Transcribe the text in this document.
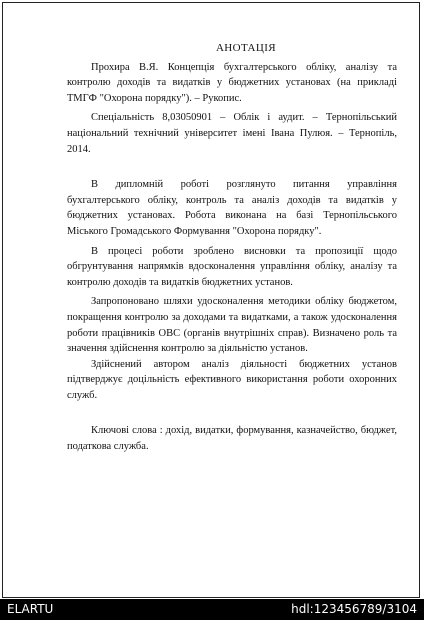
АНОТАЦІЯ

Прохира В.Я. Концепція бухгалтерського обліку, аналізу та контролю доходів та видатків у бюджетних установах (на прикладі ТМГФ "Охорона порядку"). – Рукопис.

Спеціальність 8,03050901 – Облік і аудит. – Тернопільський національний технічний університет імені Івана Пулюя. – Тернопіль, 2014.

В дипломній роботі розглянуто питання управління бухгалтерського обліку, контроль та аналіз доходів та видатків у бюджетних установах. Робота виконана на базі Тернопільського Міського Громадського Формування "Охорона порядку".

В процесі роботи зроблено висновки та пропозиції щодо обгрунтування напрямків вдосконалення управління обліку, аналізу та контролю доходів та видатків бюджетних установ.

Запропоновано шляхи удосконалення методики обліку бюджетом, покращення контролю за доходами та видатками, а також удосконалення роботи працівників ОВС (органів внутрішніх справ). Визначено роль та значення здійснення контролю за діяльністю установ.

Здійснений автором аналіз діяльності бюджетних установ підтверджує доцільність ефективного використання роботи охоронних служб.

Ключові слова : дохід, видатки, формування, казначейство, бюджет, податкова служба.

ELARTU	hdl:123456789/3104
